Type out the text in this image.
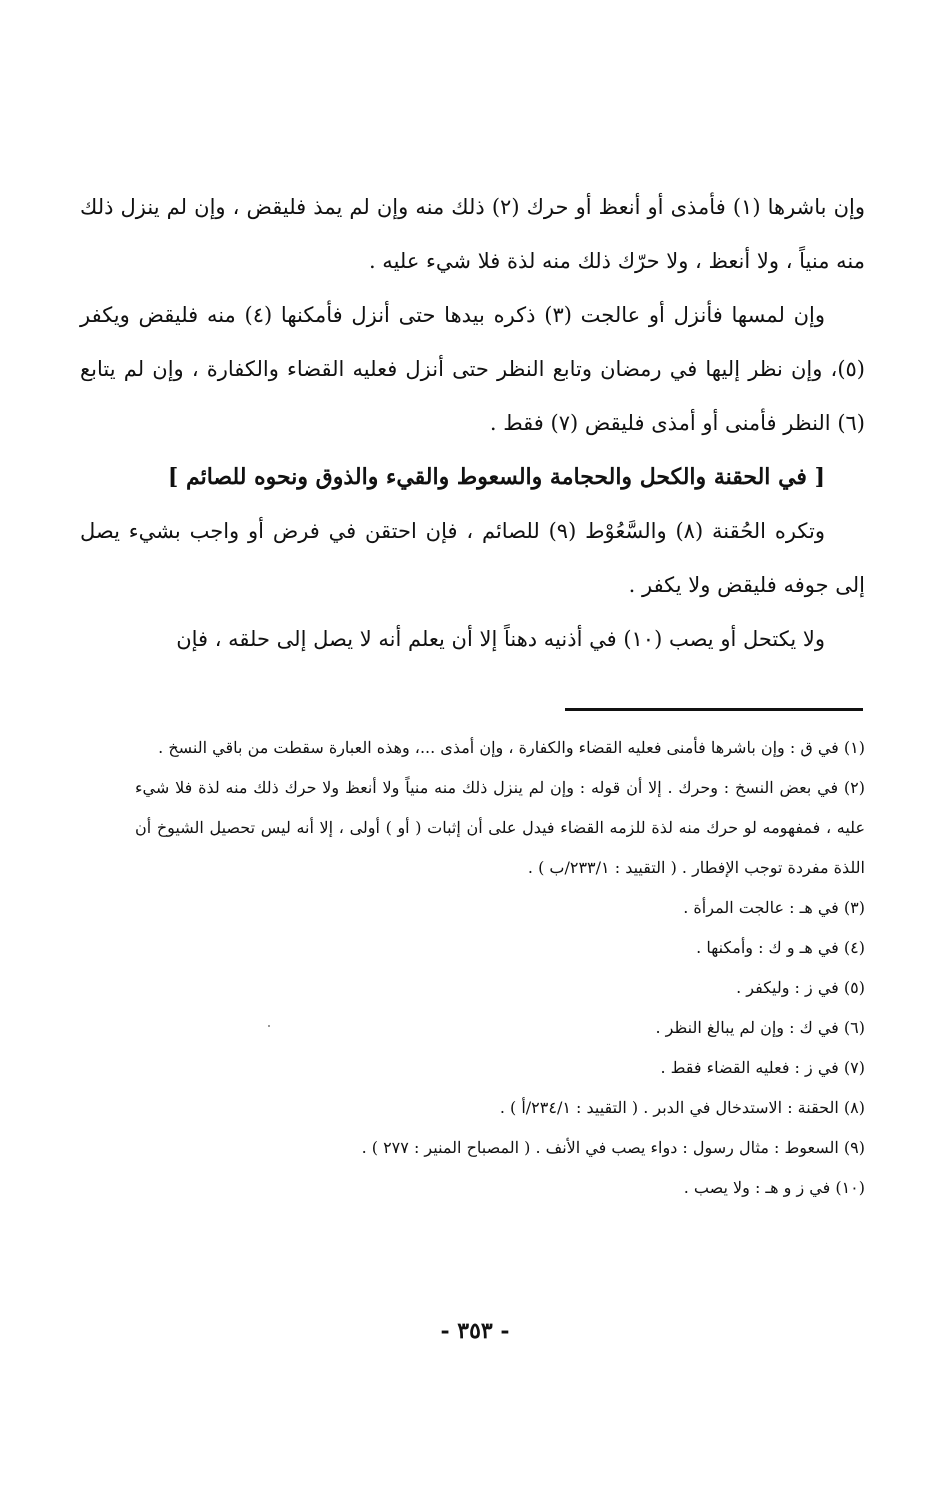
وإن باشرها (١) فأمذى أو أنعظ أو حرك (٢) ذلك منه وإن لم يمذ فليقض ، وإن لم ينزل ذلك منه منياً ، ولا أنعظ ، ولا حرّك ذلك منه لذة فلا شيء عليه .

وإن لمسها فأنزل أو عالجت (٣) ذكره بيدها حتى أنزل فأمكنها (٤) منه فليقض ويكفر (٥)، وإن نظر إليها في رمضان وتابع النظر حتى أنزل فعليه القضاء والكفارة ، وإن لم يتابع (٦) النظر فأمنى أو أمذى فليقض (٧) فقط .

[ في الحقنة والكحل والحجامة والسعوط والقيء والذوق ونحوه للصائم ]

وتكره الحُقنة (٨) والسَّعُوْط (٩) للصائم ، فإن احتقن في فرض أو واجب بشيء يصل إلى جوفه فليقض ولا يكفر .

ولا يكتحل أو يصب (١٠) في أذنيه دهناً إلا أن يعلم أنه لا يصل إلى حلقه ، فإن

(١) في ق : وإن باشرها فأمنى فعليه القضاء والكفارة ، وإن أمذى ...، وهذه العبارة سقطت من باقي النسخ .

(٢) في بعض النسخ : وحرك . إلا أن قوله : وإن لم ينزل ذلك منه منياً ولا أنعظ ولا حرك ذلك منه لذة فلا شيء عليه ، فمفهومه لو حرك منه لذة للزمه القضاء فيدل على أن إثبات ( أو ) أولى ، إلا أنه ليس تحصيل الشيوخ أن اللذة مفردة توجب الإفطار . ( التقييد : ٢٣٣/١/ب ) .

(٣) في هـ : عالجت المرأة .

(٤) في هـ و ك : وأمكنها .

(٥) في ز : وليكفر .

(٦) في ك : وإن لم يبالغ النظر .

(٧) في ز : فعليه القضاء فقط .

(٨) الحقنة : الاستدخال في الدبر . ( التقييد : ٢٣٤/١/أ ) .

(٩) السعوط : مثال رسول : دواء يصب في الأنف . ( المصباح المنير : ٢٧٧ ) .

(١٠) في ز و هـ : ولا يصب .

- ٣٥٣ -
